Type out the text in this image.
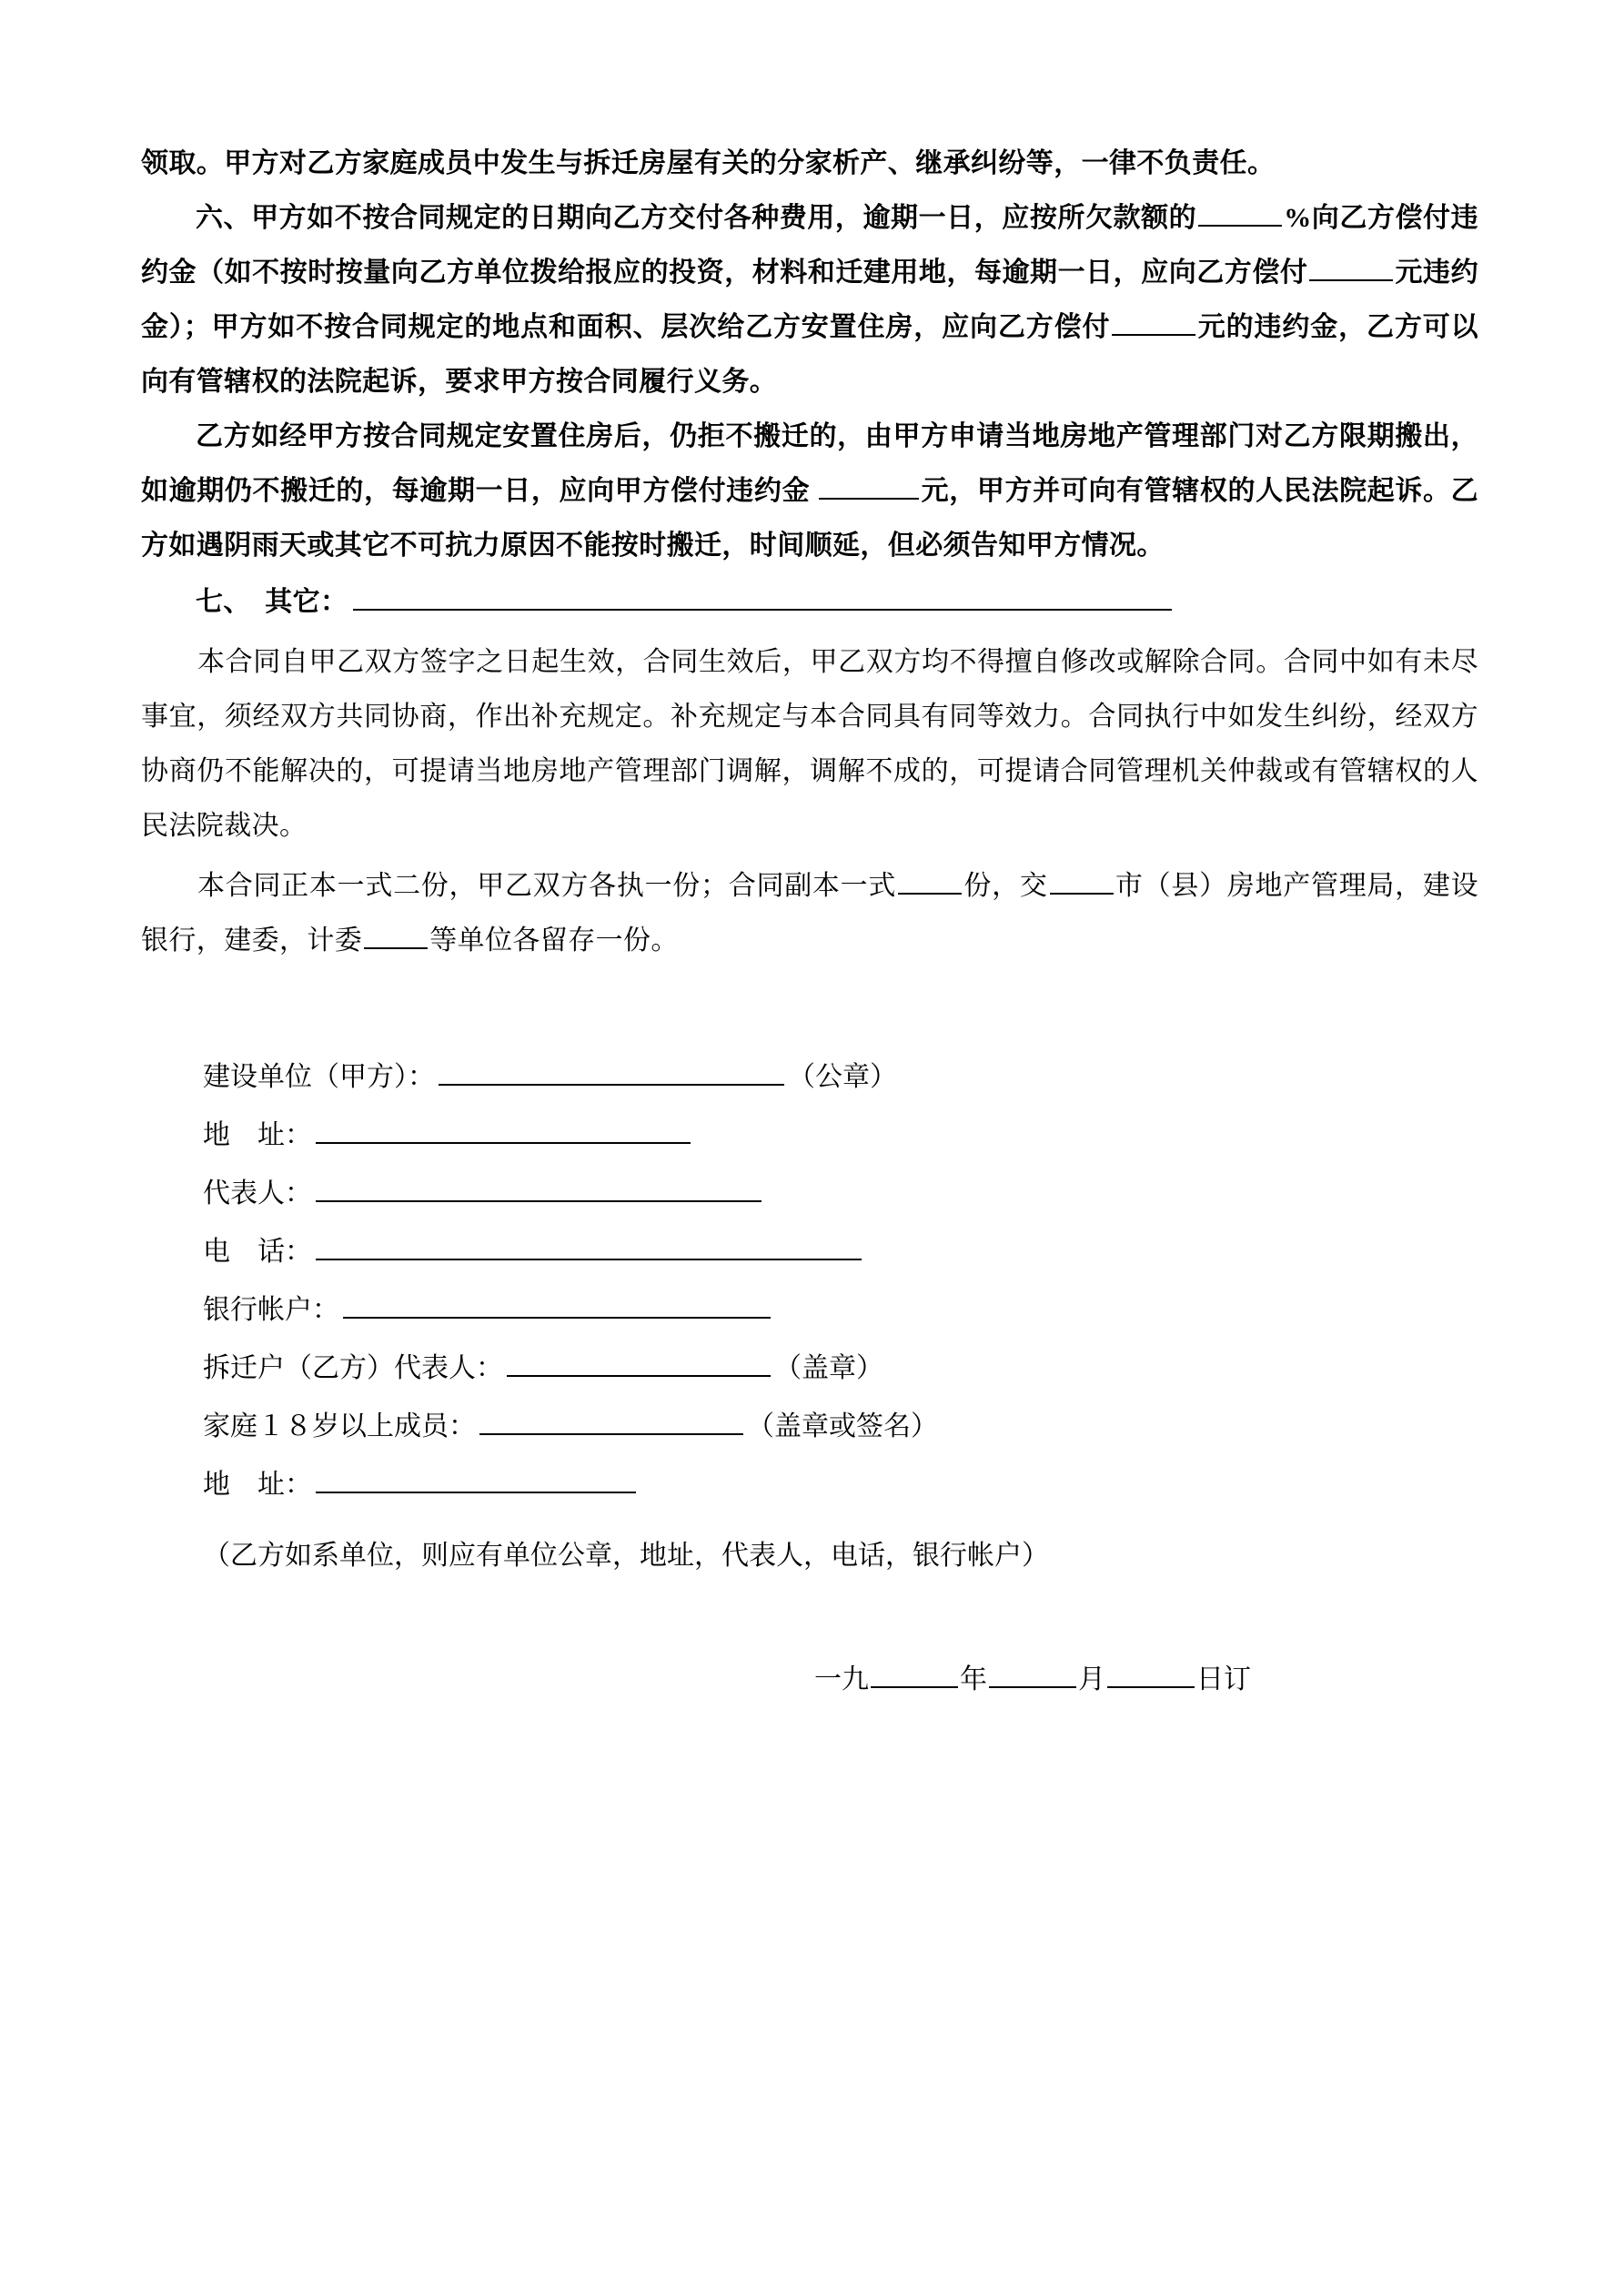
领取。甲方对乙方家庭成员中发生与拆迁房屋有关的分家析产、继承纠纷等，一律不负责任。

六、甲方如不按合同规定的日期向乙方交付各种费用，逾期一日，应按所欠款额的	%向乙方偿付违约金（如不按时按量向乙方单位拨给报应的投资，材料和迁建用地，每逾期一日，应向乙方偿付	元违约金）；甲方如不按合同规定的地点和面积、层次给乙方安置住房，应向乙方偿付	元的违约金，乙方可以向有管辖权的法院起诉，要求甲方按合同履行义务。

乙方如经甲方按合同规定安置住房后，仍拒不搬迁的，由甲方申请当地房地产管理部门对乙方限期搬出，如逾期仍不搬迁的，每逾期一日，应向甲方偿付违约金	元，甲方并可向有管辖权的人民法院起诉。乙方如遇阴雨天或其它不可抗力原因不能按时搬迁，时间顺延，但必须告知甲方情况。

七、　其它：

本合同自甲乙双方签字之日起生效，合同生效后，甲乙双方均不得擅自修改或解除合同。合同中如有未尽事宜，须经双方共同协商，作出补充规定。补充规定与本合同具有同等效力。合同执行中如发生纠纷，经双方协商仍不能解决的，可提请当地房地产管理部门调解，调解不成的，可提请合同管理机关仲裁或有管辖权的人民法院裁决。

本合同正本一式二份，甲乙双方各执一份；合同副本一式 份，交 市（县）房地产管理局，建设银行，建委，计委 等单位各留存一份。

建设单位（甲方）：	（公章）
地　址：
代表人：
电　话：
银行帐户：
拆迁户（乙方）代表人：	（盖章）
家庭１８岁以上成员：	（盖章或签名）
地　址：
（乙方如系单位，则应有单位公章，地址，代表人，电话，银行帐户）
一九	年	月	日订
